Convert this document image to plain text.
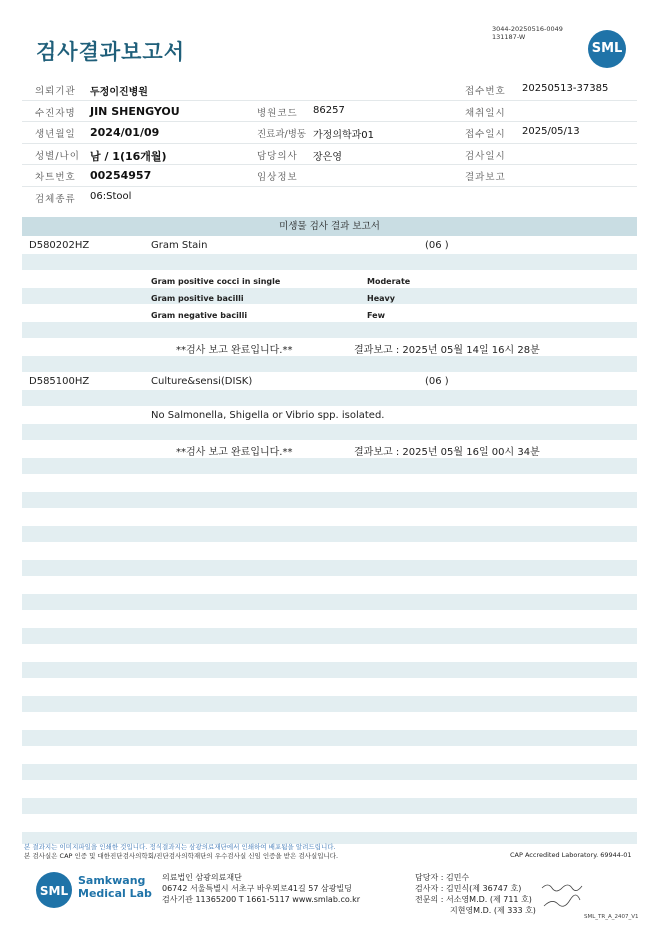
검사결과보고서
3044-20250516-0049
131187-W
SML
의뢰기관 두정이진병원	접수번호 20250513-37385
수진자명 JIN SHENGYOU	병원코드 86257	채취일시
생년월일 2024/01/09	진료과/병동 가정의학과01	접수일시 2025/05/13
성별/나이 남 / 1(16개월)	담당의사 장은영	검사일시
차트번호 00254957	임상정보	결과보고
검체종류 06:Stool
미생물 검사 결과 보고서
D580202HZ	Gram Stain	(06 )
Gram positive cocci in single	Moderate
Gram positive bacilli	Heavy
Gram negative bacilli	Few
**검사 보고 완료입니다.**	결과보고 : 2025년 05월 14일 16시 28분
D585100HZ	Culture&sensi(DISK)	(06 )
No Salmonella, Shigella or Vibrio spp. isolated.
**검사 보고 완료입니다.**	결과보고 : 2025년 05월 16일 00시 34분
본 결과지는 이미지파일을 인쇄한 것입니다. 정식결과지는 삼광의료재단에서 인쇄하여 배포됨을 알려드립니다.
본 검사실은 CAP 인증 및 대한진단검사의학회/진단검사의학재단의 우수검사실 신임 인증을 받은 검사실입니다.	CAP Accredited Laboratory. 69944-01
SML
Samkwang
Medical Lab
의료법인 삼광의료재단
06742 서울특별시 서초구 바우뫼로41길 57 삼광빌딩
검사기관 11365200 T 1661-5117 www.smlab.co.kr
담당자 : 김민수
검사자 : 김민식(제 36747 호)
전문의 : 서소영M.D. (제 711 호)
지현영M.D. (제 333 호)
SML_TR_A_2407_V1
